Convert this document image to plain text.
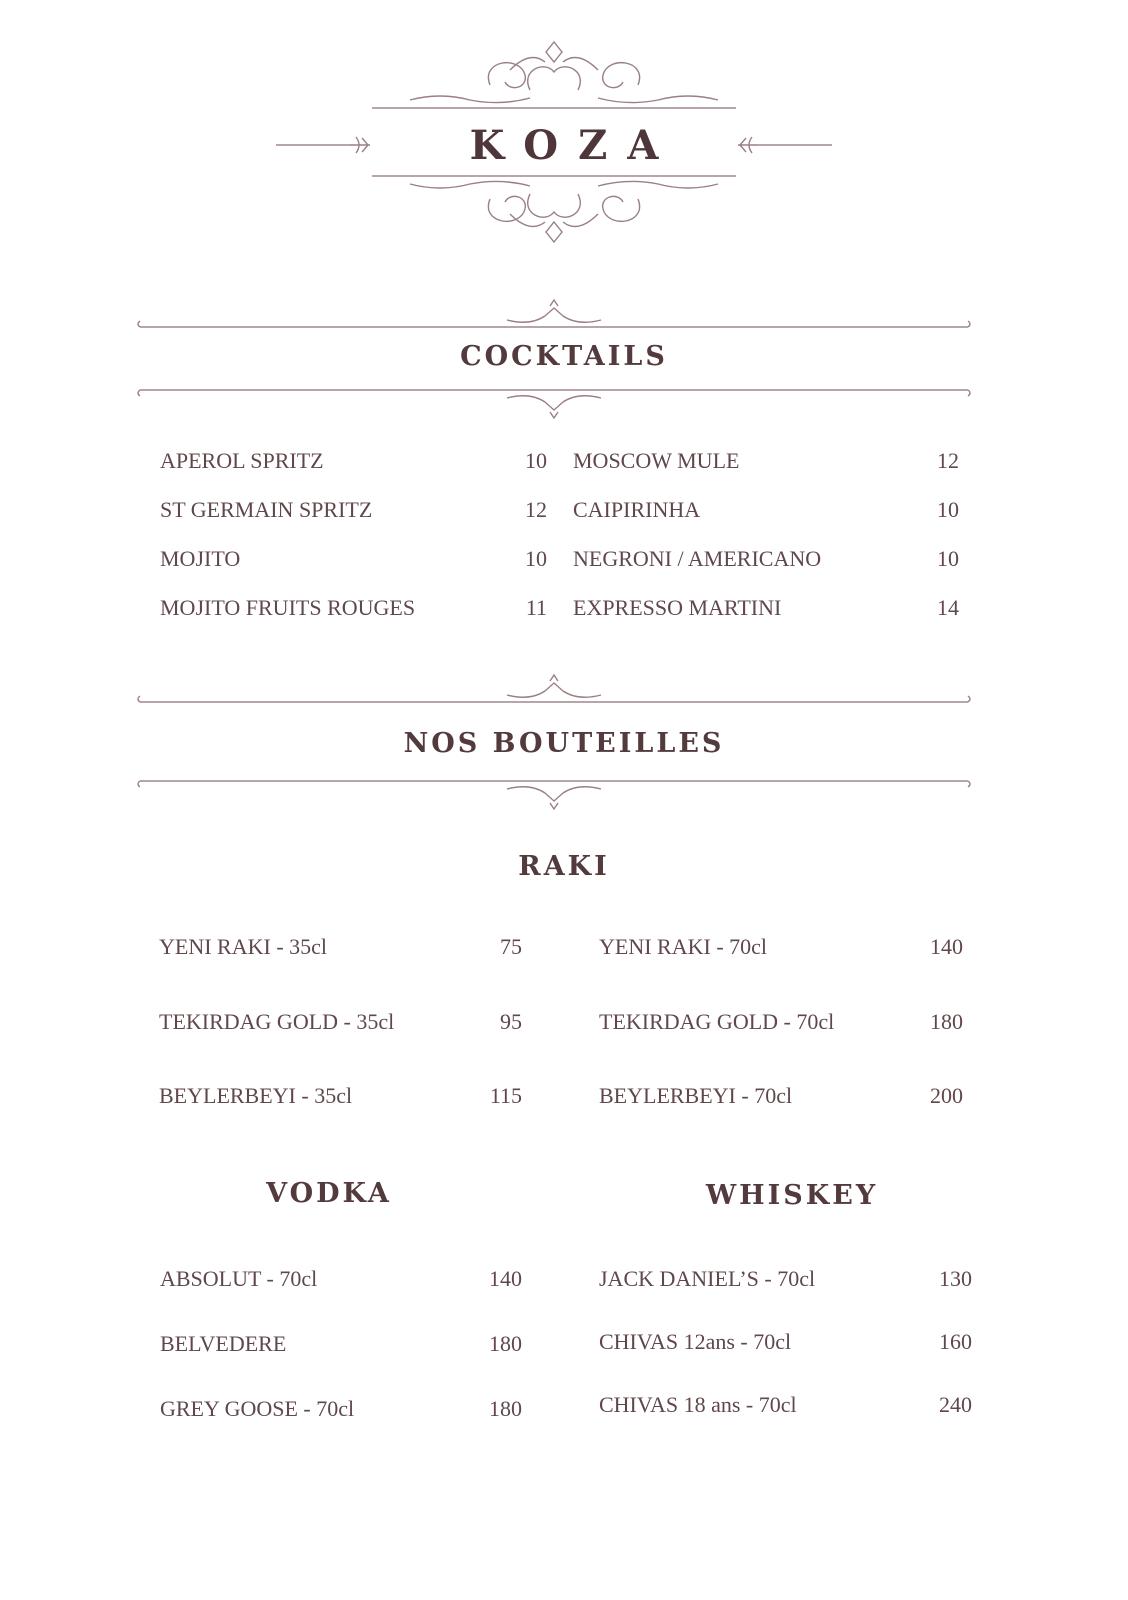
KOZA
COCKTAILS
APEROL SPRITZ	10
ST GERMAIN SPRITZ	12
MOJITO	10
MOJITO FRUITS ROUGES	11
MOSCOW MULE	12
CAIPIRINHA	10
NEGRONI / AMERICANO	10
EXPRESSO MARTINI	14
NOS BOUTEILLES
RAKI
YENI RAKI - 35cl	75
TEKIRDAG GOLD - 35cl	95
BEYLERBEYI - 35cl	115
YENI RAKI - 70cl	140
TEKIRDAG GOLD - 70cl	180
BEYLERBEYI - 70cl	200
VODKA
ABSOLUT - 70cl	140
BELVEDERE	180
GREY GOOSE - 70cl	180
WHISKEY
JACK DANIEL’S - 70cl	130
CHIVAS 12ans - 70cl	160
CHIVAS 18 ans - 70cl	240
